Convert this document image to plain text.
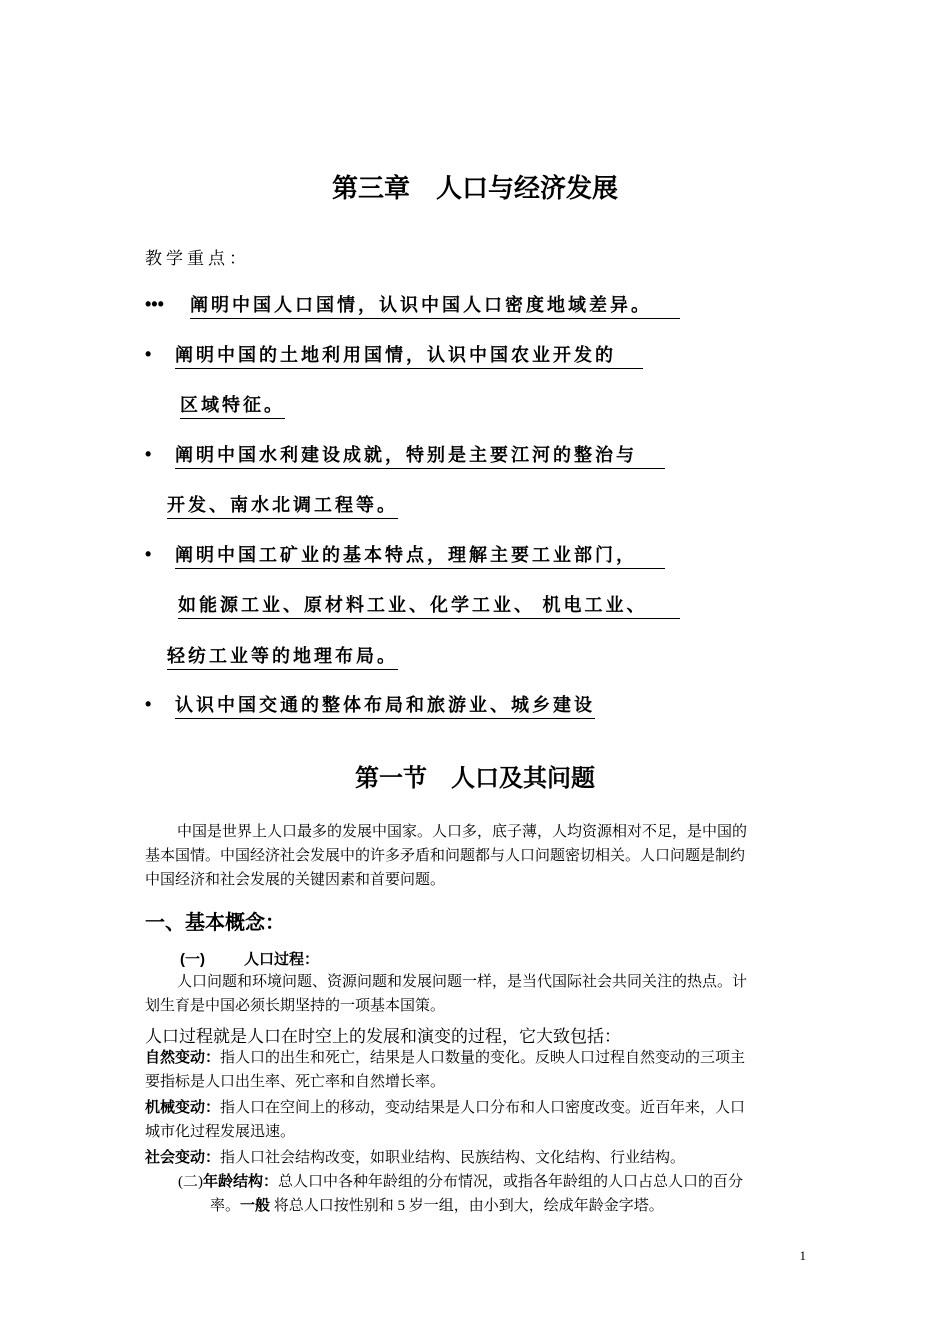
第三章　人口与经济发展
教学重点：
••• 阐明中国人口国情，认识中国人口密度地域差异。
• 阐明中国的土地利用国情，认识中国农业开发的
区域特征。
• 阐明中国水利建设成就，特别是主要江河的整治与
开发、南水北调工程等。
• 阐明中国工矿业的基本特点，理解主要工业部门，
如能源工业、原材料工业、化学工业、 机电工业、
轻纺工业等的地理布局。
• 认识中国交通的整体布局和旅游业、城乡建设
第一节　人口及其问题

中国是世界上人口最多的发展中国家。人口多，底子薄，人均资源相对不足，是中国的

基本国情。中国经济社会发展中的许多矛盾和问题都与人口问题密切相关。人口问题是制约

中国经济和社会发展的关键因素和首要问题。

一、基本概念：
(一)	人口过程：

人口问题和环境问题、资源问题和发展问题一样，是当代国际社会共同关注的热点。计

划生育是中国必须长期坚持的一项基本国策。

人口过程就是人口在时空上的发展和演变的过程，它大致包括：

自然变动：指人口的出生和死亡，结果是人口数量的变化。反映人口过程自然变动的三项主

要指标是人口出生率、死亡率和自然增长率。

机械变动：指人口在空间上的移动，变动结果是人口分布和人口密度改变。近百年来，人口

城市化过程发展迅速。

社会变动：指人口社会结构改变，如职业结构、民族结构、文化结构、行业结构。

(二)年龄结构：总人口中各种年龄组的分布情况，或指各年龄组的人口占总人口的百分

率。一般 将总人口按性别和 5 岁一组，由小到大，绘成年龄金字塔。

1
